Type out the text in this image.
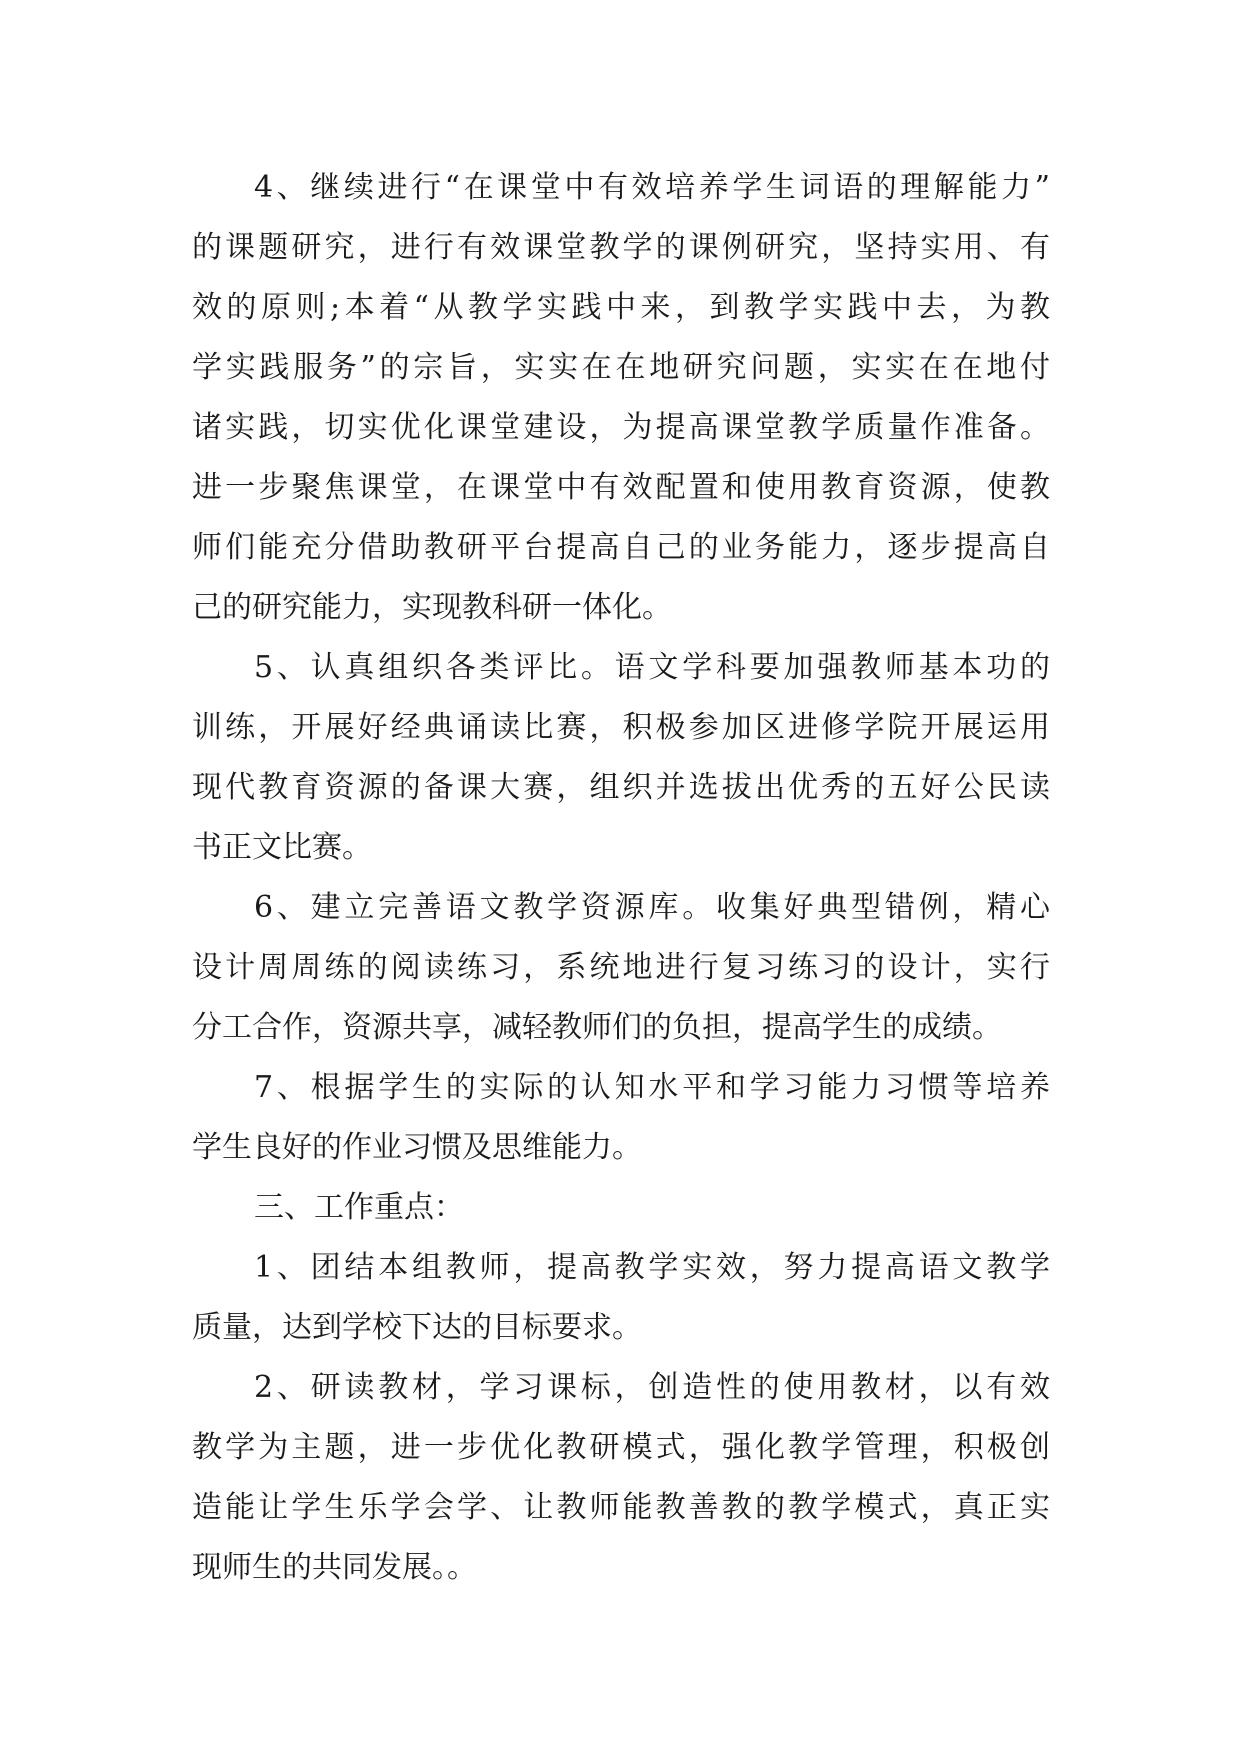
4、继续进行“在课堂中有效培养学生词语的理解能力”
的课题研究，进行有效课堂教学的课例研究，坚持实用、有
效的原则;本着“从教学实践中来，到教学实践中去，为教
学实践服务”的宗旨，实实在在地研究问题，实实在在地付
诸实践，切实优化课堂建设，为提高课堂教学质量作准备。
进一步聚焦课堂，在课堂中有效配置和使用教育资源，使教
师们能充分借助教研平台提高自己的业务能力，逐步提高自
己的研究能力，实现教科研一体化。
5、认真组织各类评比。语文学科要加强教师基本功的
训练，开展好经典诵读比赛，积极参加区进修学院开展运用
现代教育资源的备课大赛，组织并选拔出优秀的五好公民读
书正文比赛。
6、建立完善语文教学资源库。收集好典型错例，精心
设计周周练的阅读练习，系统地进行复习练习的设计，实行
分工合作，资源共享，减轻教师们的负担，提高学生的成绩。
7、根据学生的实际的认知水平和学习能力习惯等培养
学生良好的作业习惯及思维能力。
三、工作重点：
1、团结本组教师，提高教学实效，努力提高语文教学
质量，达到学校下达的目标要求。
2、研读教材，学习课标，创造性的使用教材，以有效
教学为主题，进一步优化教研模式，强化教学管理，积极创
造能让学生乐学会学、让教师能教善教的教学模式，真正实
现师生的共同发展。。
